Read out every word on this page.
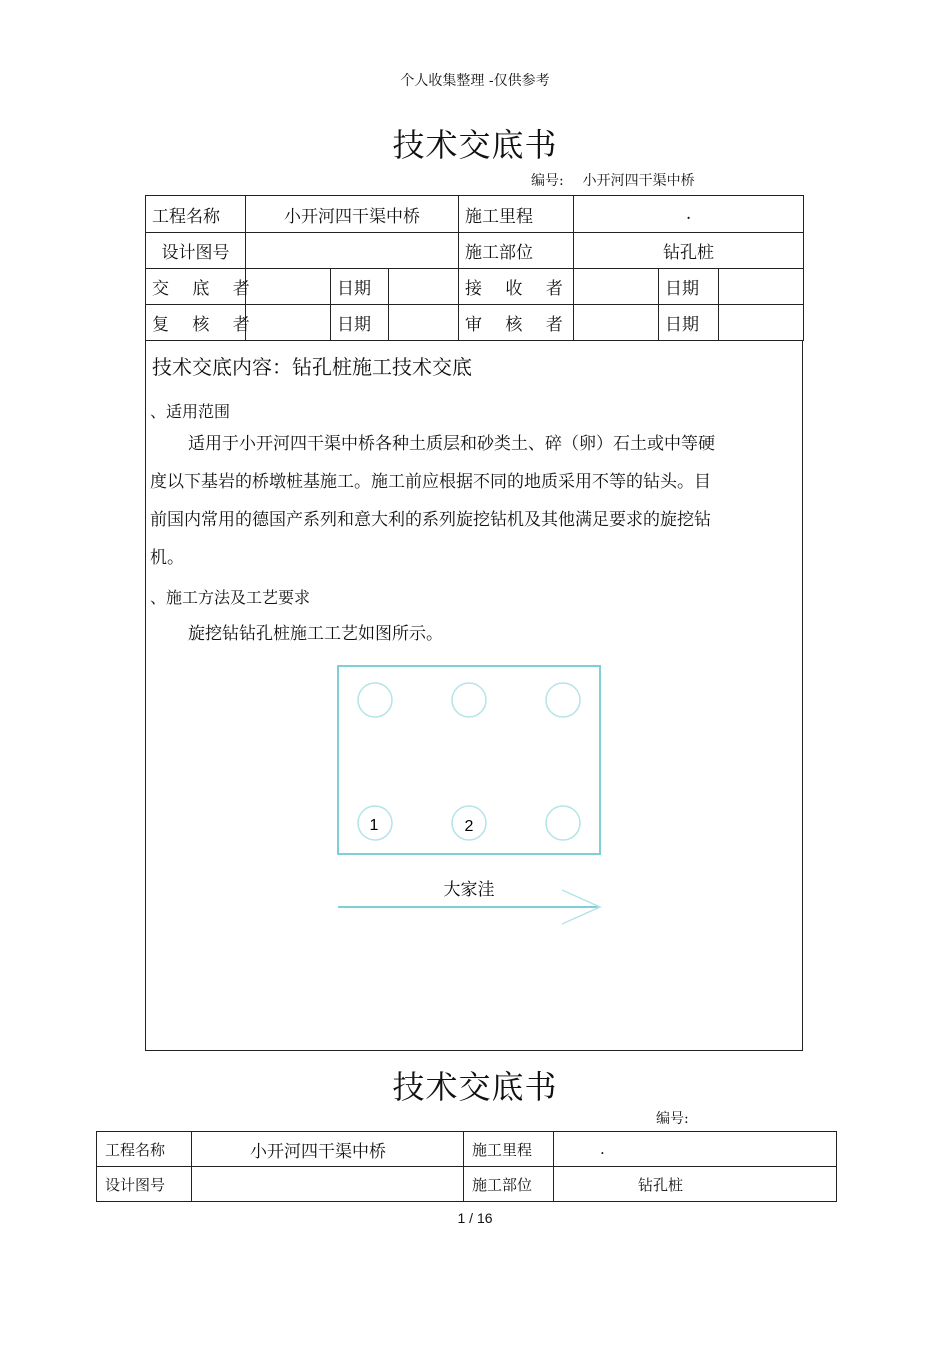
个人收集整理 -仅供参考
技术交底书
编号: 小开河四干渠中桥
工程名称	小开河四干渠中桥			施工里程	.		
设计图号				施工部位	钻孔桩		
交 底 者		日期		接 收 者		日期	
复 核 者		日期		审 核 者		日期	
技术交底内容：钻孔桩施工技术交底
、适用范围
适用于小开河四干渠中桥各种土质层和砂类土、碎（卵）石土或中等硬
度以下基岩的桥墩桩基施工。施工前应根据不同的地质采用不等的钻头。目
前国内常用的德国产系列和意大利的系列旋挖钻机及其他满足要求的旋挖钻
机。
、施工方法及工艺要求
旋挖钻钻孔桩施工工艺如图所示。
1	2
大家洼
技术交底书
编号:
工程名称	小开河四干渠中桥	施工里程	.
设计图号		施工部位	钻孔桩
1 / 16
